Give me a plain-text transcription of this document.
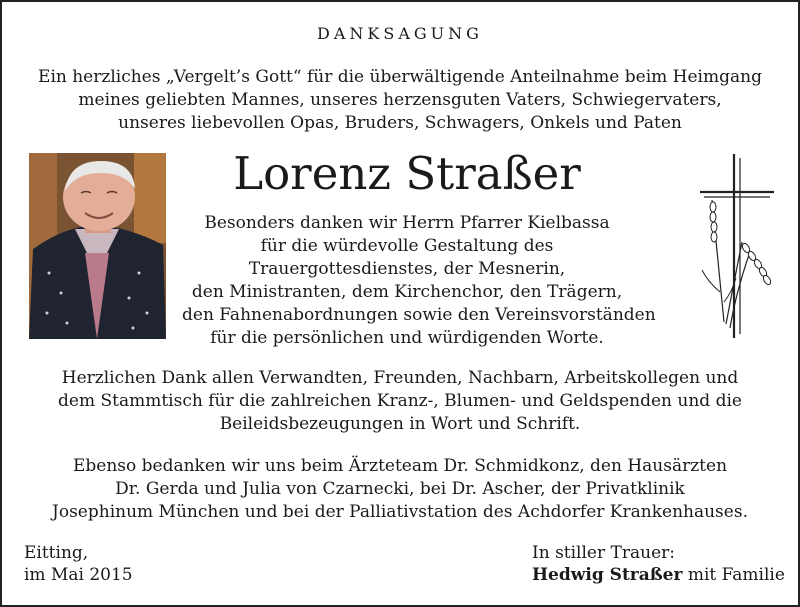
DANKSAGUNG
Ein herzliches „Vergelt’s Gott“ für die überwältigende Anteilnahme beim Heimgang
meines geliebten Mannes, unseres herzensguten Vaters, Schwiegervaters,
unseres liebevollen Opas, Bruders, Schwagers, Onkels und Paten
Lorenz Straßer
Besonders danken wir Herrn Pfarrer Kielbassa
für die würdevolle Gestaltung des
Trauergottesdienstes, der Mesnerin,
den Ministranten, dem Kirchenchor, den Trägern,
den Fahnenabordnungen sowie den Vereinsvorständen
für die persönlichen und würdigenden Worte.
Herzlichen Dank allen Verwandten, Freunden, Nachbarn, Arbeitskollegen und
dem Stammtisch für die zahlreichen Kranz-, Blumen- und Geldspenden und die
Beileidsbezeugungen in Wort und Schrift.
Ebenso bedanken wir uns beim Ärzteteam Dr. Schmidkonz, den Hausärzten
Dr. Gerda und Julia von Czarnecki, bei Dr. Ascher, der Privatklinik
Josephinum München und bei der Palliativstation des Achdorfer Krankenhauses.
Eitting,
im Mai 2015
In stiller Trauer:
Hedwig Straßer mit Familie
